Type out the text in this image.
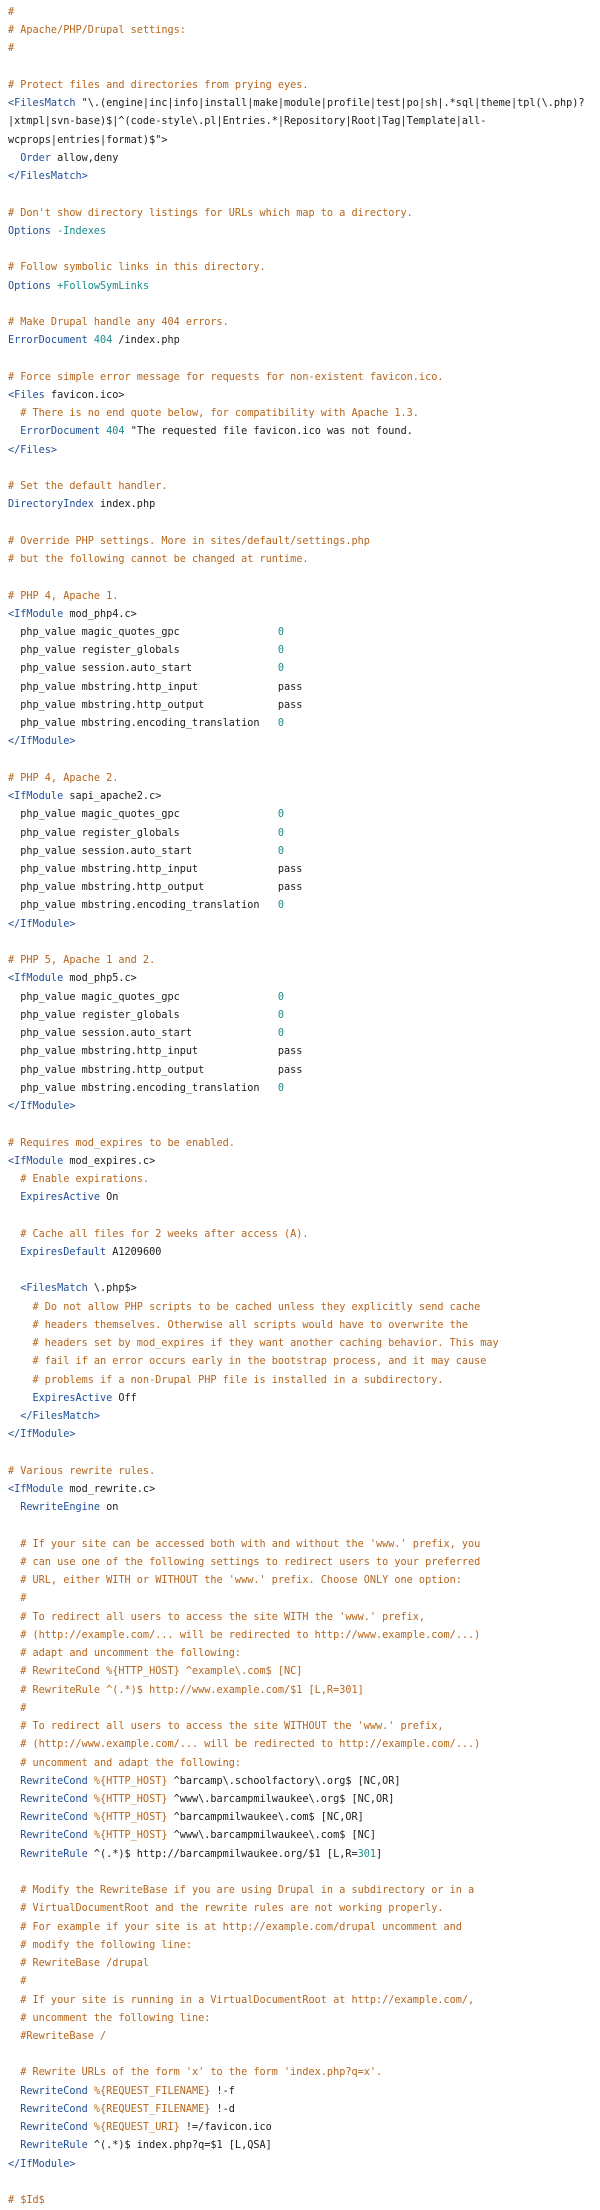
#
# Apache/PHP/Drupal settings:
#
# Protect files and directories from prying eyes.
<FilesMatch "\.(engine|inc|info|install|make|module|profile|test|po|sh|.*sql|theme|tpl(\.php)?
|xtmpl|svn-base)$|^(code-style\.pl|Entries.*|Repository|Root|Tag|Template|all-
wcprops|entries|format)$">
Order allow,deny
</FilesMatch>
# Don't show directory listings for URLs which map to a directory.
Options -Indexes
# Follow symbolic links in this directory.
Options +FollowSymLinks
# Make Drupal handle any 404 errors.
ErrorDocument 404 /index.php
# Force simple error message for requests for non-existent favicon.ico.
<Files favicon.ico>
# There is no end quote below, for compatibility with Apache 1.3.
ErrorDocument 404 "The requested file favicon.ico was not found.
</Files>
# Set the default handler.
DirectoryIndex index.php
# Override PHP settings. More in sites/default/settings.php
# but the following cannot be changed at runtime.
# PHP 4, Apache 1.
<IfModule mod_php4.c>
php_value magic_quotes_gpc                0
php_value register_globals                0
php_value session.auto_start              0
php_value mbstring.http_input             pass
php_value mbstring.http_output            pass
php_value mbstring.encoding_translation   0
</IfModule>
# PHP 4, Apache 2.
<IfModule sapi_apache2.c>
php_value magic_quotes_gpc                0
php_value register_globals                0
php_value session.auto_start              0
php_value mbstring.http_input             pass
php_value mbstring.http_output            pass
php_value mbstring.encoding_translation   0
</IfModule>
# PHP 5, Apache 1 and 2.
<IfModule mod_php5.c>
php_value magic_quotes_gpc                0
php_value register_globals                0
php_value session.auto_start              0
php_value mbstring.http_input             pass
php_value mbstring.http_output            pass
php_value mbstring.encoding_translation   0
</IfModule>
# Requires mod_expires to be enabled.
<IfModule mod_expires.c>
# Enable expirations.
ExpiresActive On
# Cache all files for 2 weeks after access (A).
ExpiresDefault A1209600
<FilesMatch \.php$>
# Do not allow PHP scripts to be cached unless they explicitly send cache
# headers themselves. Otherwise all scripts would have to overwrite the
# headers set by mod_expires if they want another caching behavior. This may
# fail if an error occurs early in the bootstrap process, and it may cause
# problems if a non-Drupal PHP file is installed in a subdirectory.
ExpiresActive Off
</FilesMatch>
</IfModule>
# Various rewrite rules.
<IfModule mod_rewrite.c>
RewriteEngine on
# If your site can be accessed both with and without the 'www.' prefix, you
# can use one of the following settings to redirect users to your preferred
# URL, either WITH or WITHOUT the 'www.' prefix. Choose ONLY one option:
#
# To redirect all users to access the site WITH the 'www.' prefix,
# (http://example.com/... will be redirected to http://www.example.com/...)
# adapt and uncomment the following:
# RewriteCond %{HTTP_HOST} ^example\.com$ [NC]
# RewriteRule ^(.*)$ http://www.example.com/$1 [L,R=301]
#
# To redirect all users to access the site WITHOUT the 'www.' prefix,
# (http://www.example.com/... will be redirected to http://example.com/...)
# uncomment and adapt the following:
RewriteCond %{HTTP_HOST} ^barcamp\.schoolfactory\.org$ [NC,OR]
RewriteCond %{HTTP_HOST} ^www\.barcampmilwaukee\.org$ [NC,OR]
RewriteCond %{HTTP_HOST} ^barcampmilwaukee\.com$ [NC,OR]
RewriteCond %{HTTP_HOST} ^www\.barcampmilwaukee\.com$ [NC]
RewriteRule ^(.*)$ http://barcampmilwaukee.org/$1 [L,R=301]
# Modify the RewriteBase if you are using Drupal in a subdirectory or in a
# VirtualDocumentRoot and the rewrite rules are not working properly.
# For example if your site is at http://example.com/drupal uncomment and
# modify the following line:
# RewriteBase /drupal
#
# If your site is running in a VirtualDocumentRoot at http://example.com/,
# uncomment the following line:
#RewriteBase /
# Rewrite URLs of the form 'x' to the form 'index.php?q=x'.
RewriteCond %{REQUEST_FILENAME} !-f
RewriteCond %{REQUEST_FILENAME} !-d
RewriteCond %{REQUEST_URI} !=/favicon.ico
RewriteRule ^(.*)$ index.php?q=$1 [L,QSA]
</IfModule>
# $Id$
